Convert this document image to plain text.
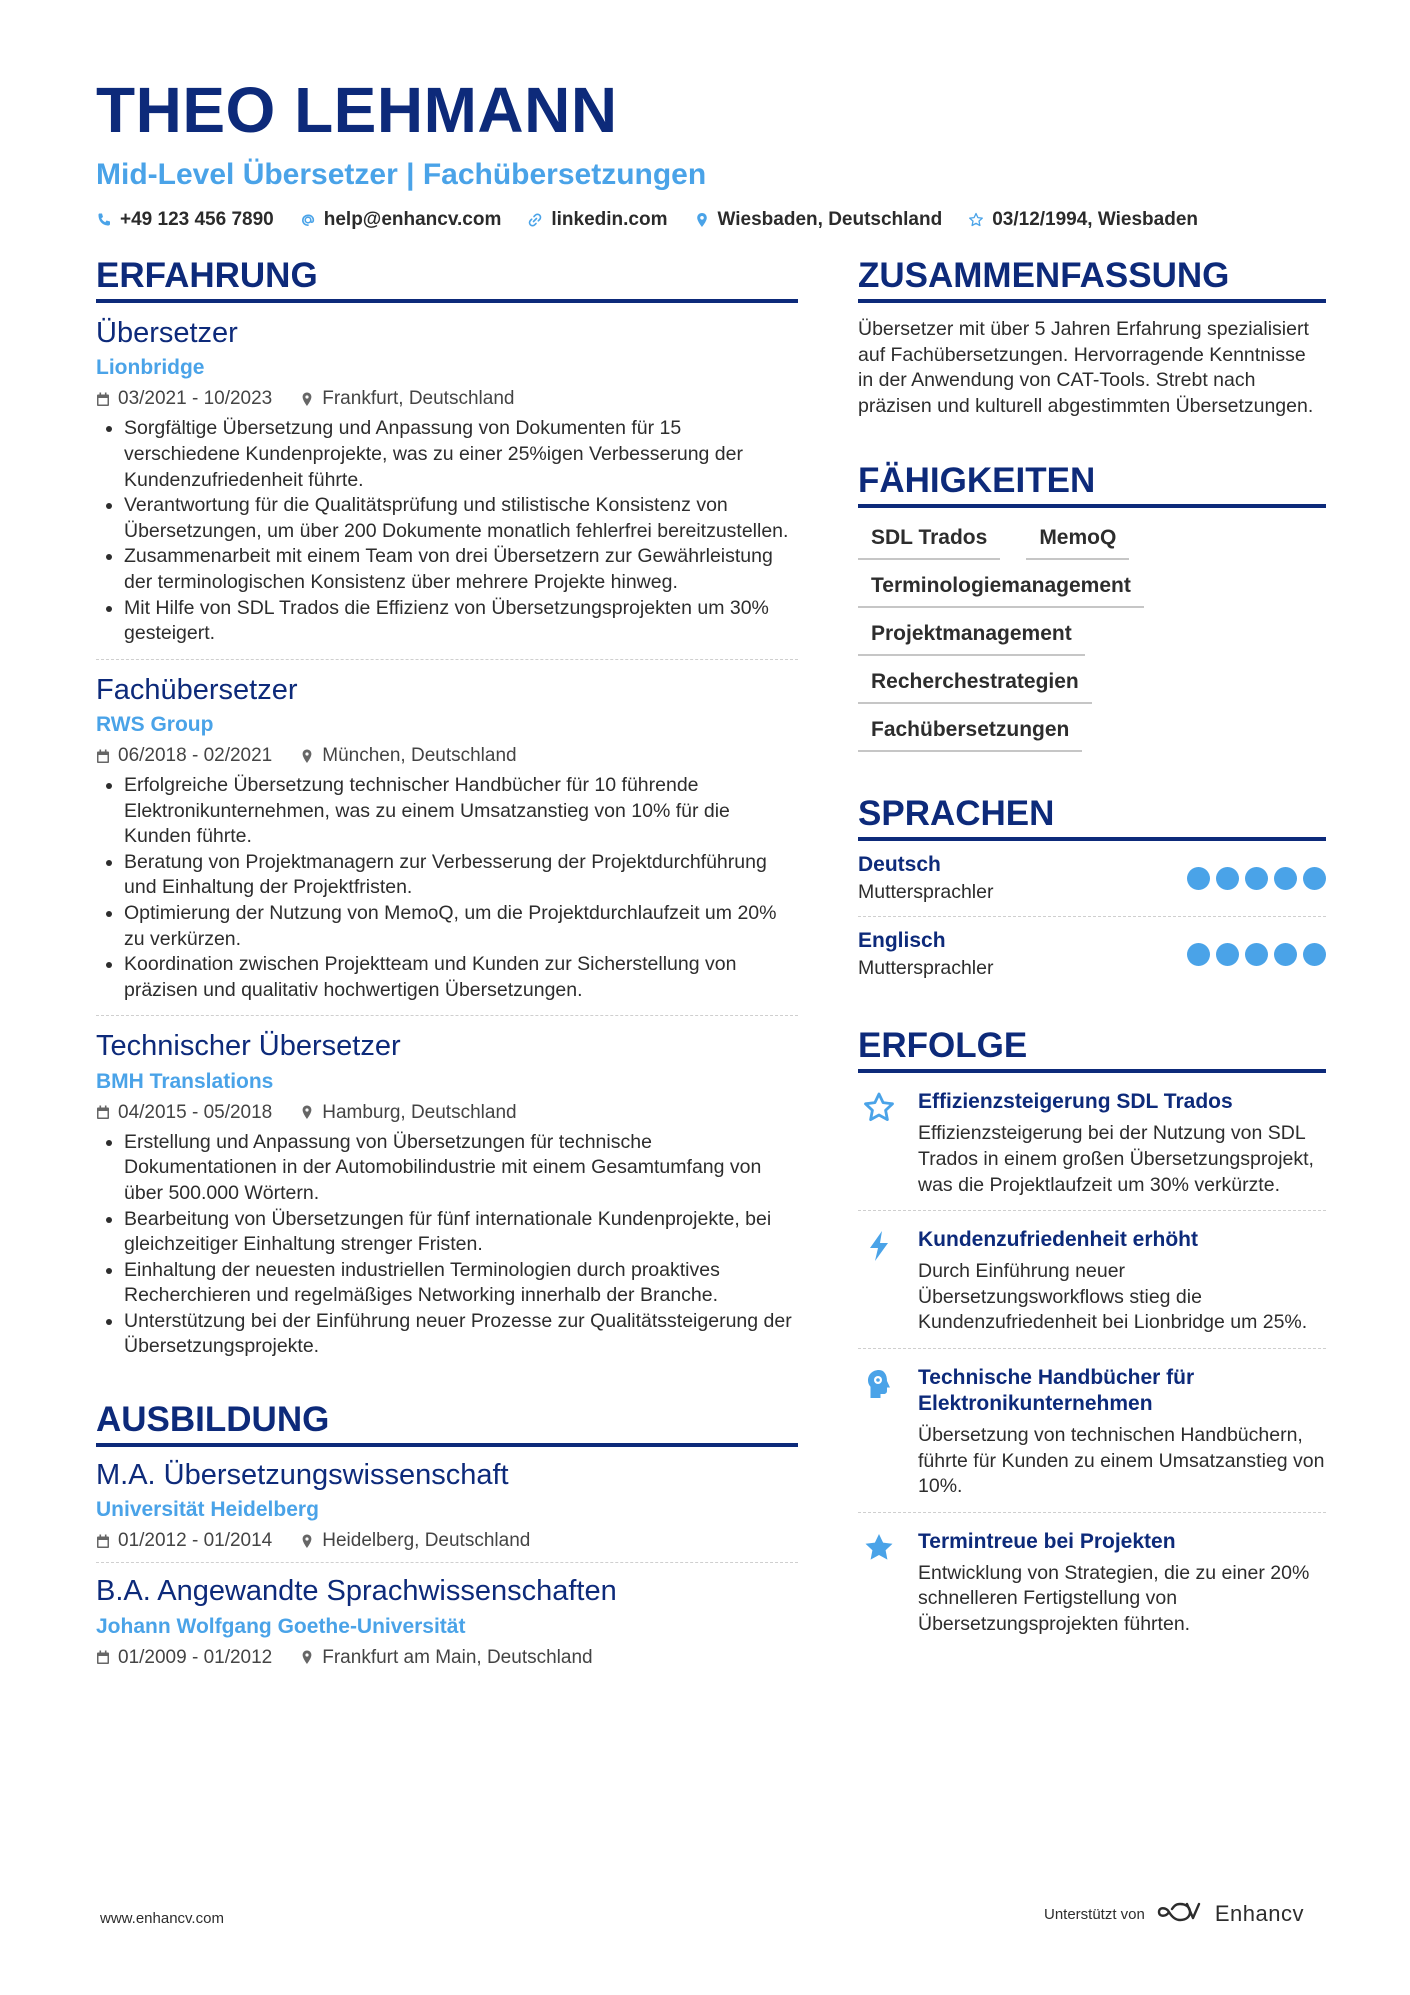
THEO LEHMANN
Mid-Level Übersetzer | Fachübersetzungen
+49 123 456 7890	help@enhancv.com	linkedin.com	Wiesbaden, Deutschland	03/12/1994, Wiesbaden
ERFAHRUNG
Übersetzer
Lionbridge
03/2021 - 10/2023	Frankfurt, Deutschland
• Sorgfältige Übersetzung und Anpassung von Dokumenten für 15 verschiedene Kundenprojekte, was zu einer 25%igen Verbesserung der Kundenzufriedenheit führte.
• Verantwortung für die Qualitätsprüfung und stilistische Konsistenz von Übersetzungen, um über 200 Dokumente monatlich fehlerfrei bereitzustellen.
• Zusammenarbeit mit einem Team von drei Übersetzern zur Gewährleistung der terminologischen Konsistenz über mehrere Projekte hinweg.
• Mit Hilfe von SDL Trados die Effizienz von Übersetzungsprojekten um 30% gesteigert.
Fachübersetzer
RWS Group
06/2018 - 02/2021	München, Deutschland
• Erfolgreiche Übersetzung technischer Handbücher für 10 führende Elektronikunternehmen, was zu einem Umsatzanstieg von 10% für die Kunden führte.
• Beratung von Projektmanagern zur Verbesserung der Projektdurchführung und Einhaltung der Projektfristen.
• Optimierung der Nutzung von MemoQ, um die Projektdurchlaufzeit um 20% zu verkürzen.
• Koordination zwischen Projektteam und Kunden zur Sicherstellung von präzisen und qualitativ hochwertigen Übersetzungen.
Technischer Übersetzer
BMH Translations
04/2015 - 05/2018	Hamburg, Deutschland
• Erstellung und Anpassung von Übersetzungen für technische Dokumentationen in der Automobilindustrie mit einem Gesamtumfang von über 500.000 Wörtern.
• Bearbeitung von Übersetzungen für fünf internationale Kundenprojekte, bei gleichzeitiger Einhaltung strenger Fristen.
• Einhaltung der neuesten industriellen Terminologien durch proaktives Recherchieren und regelmäßiges Networking innerhalb der Branche.
• Unterstützung bei der Einführung neuer Prozesse zur Qualitätssteigerung der Übersetzungsprojekte.
AUSBILDUNG
M.A. Übersetzungswissenschaft
Universität Heidelberg
01/2012 - 01/2014	Heidelberg, Deutschland
B.A. Angewandte Sprachwissenschaften
Johann Wolfgang Goethe-Universität
01/2009 - 01/2012	Frankfurt am Main, Deutschland
ZUSAMMENFASSUNG
Übersetzer mit über 5 Jahren Erfahrung spezialisiert auf Fachübersetzungen. Hervorragende Kenntnisse in der Anwendung von CAT-Tools. Strebt nach präzisen und kulturell abgestimmten Übersetzungen.
FÄHIGKEITEN
SDL Trados	MemoQ
Terminologiemanagement
Projektmanagement
Recherchestrategien
Fachübersetzungen
SPRACHEN
Deutsch
Muttersprachler
Englisch
Muttersprachler
ERFOLGE
Effizienzsteigerung SDL Trados
Effizienzsteigerung bei der Nutzung von SDL Trados in einem großen Übersetzungsprojekt, was die Projektlaufzeit um 30% verkürzte.
Kundenzufriedenheit erhöht
Durch Einführung neuer Übersetzungsworkflows stieg die Kundenzufriedenheit bei Lionbridge um 25%.
Technische Handbücher für Elektronikunternehmen
Übersetzung von technischen Handbüchern, führte für Kunden zu einem Umsatzanstieg von 10%.
Termintreue bei Projekten
Entwicklung von Strategien, die zu einer 20% schnelleren Fertigstellung von Übersetzungsprojekten führten.
www.enhancv.com	Unterstützt von	Enhancv
